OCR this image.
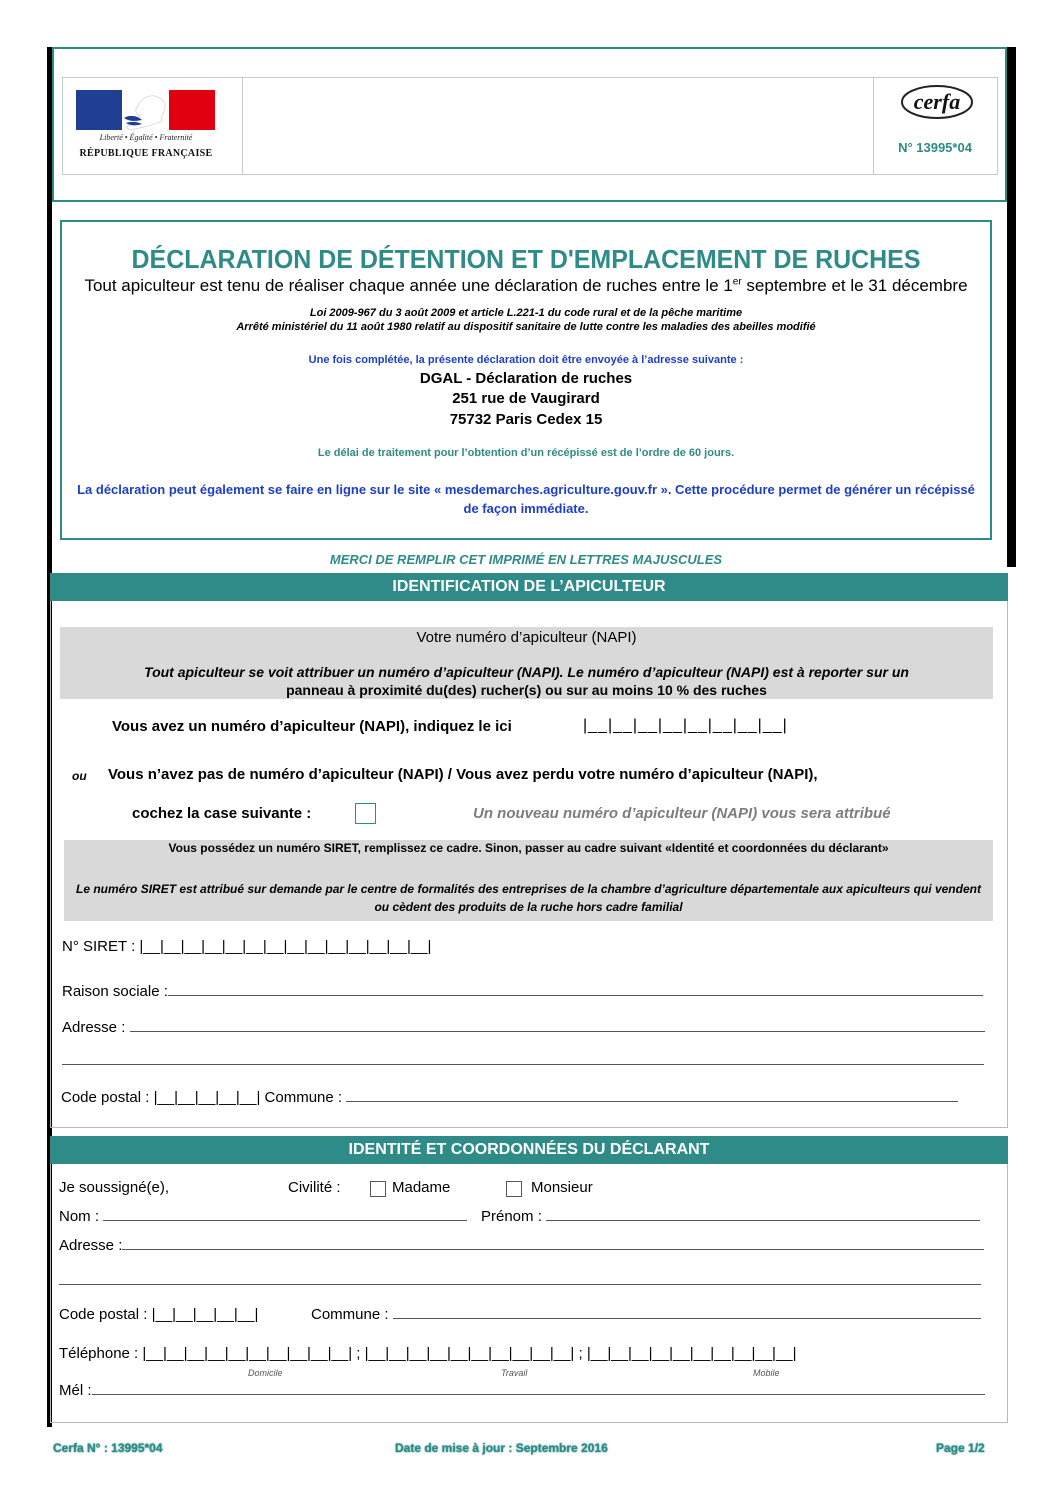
Liberté • Égalité • Fraternité
RÉPUBLIQUE FRANÇAISE
cerfa
N° 13995*04
DÉCLARATION DE DÉTENTION ET D'EMPLACEMENT DE RUCHES
Tout apiculteur est tenu de réaliser chaque année une déclaration de ruches entre le 1er septembre et le 31 décembre
Loi 2009-967 du 3 août 2009 et article L.221-1 du code rural et de la pêche maritime
Arrêté ministériel du 11 août 1980 relatif au dispositif sanitaire de lutte contre les maladies des abeilles modifié
Une fois complétée, la présente déclaration doit être envoyée à l’adresse suivante :
DGAL - Déclaration de ruches
251 rue de Vaugirard
75732 Paris Cedex 15
Le délai de traitement pour l’obtention d’un récépissé est de l’ordre de 60 jours.
La déclaration peut également se faire en ligne sur le site « mesdemarches.agriculture.gouv.fr ». Cette procédure permet de générer un récépissé de façon immédiate.
MERCI DE REMPLIR CET IMPRIMÉ EN LETTRES MAJUSCULES
IDENTIFICATION DE L’APICULTEUR
Votre numéro d’apiculteur (NAPI)
Tout apiculteur se voit attribuer un numéro d’apiculteur (NAPI). Le numéro d’apiculteur (NAPI) est à reporter sur un
panneau à proximité du(des) rucher(s) ou sur au moins 10 % des ruches
Vous avez un numéro d’apiculteur (NAPI), indiquez le ici	|__|__|__|__|__|__|__|__|
ou Vous n’avez pas de numéro d’apiculteur (NAPI) / Vous avez perdu votre numéro d’apiculteur (NAPI),
cochez la case suivante :	Un nouveau numéro d’apiculteur (NAPI) vous sera attribué
Vous possédez un numéro SIRET, remplissez ce cadre. Sinon, passer au cadre suivant «Identité et coordonnées du déclarant»
Le numéro SIRET est attribué sur demande par le centre de formalités des entreprises de la chambre d’agriculture départementale aux apiculteurs qui vendent ou cèdent des produits de la ruche hors cadre familial
N° SIRET : |__|__|__|__|__|__|__|__|__|__|__|__|__|__|
Raison sociale :
Adresse :
Code postal : |__|__|__|__|__| Commune :
IDENTITÉ ET COORDONNÉES DU DÉCLARANT
Je soussigné(e),	Civilité :	Madame	Monsieur
Nom :	Prénom :
Adresse :
Code postal : |__|__|__|__|__|	Commune :
Téléphone : |__|__|__|__|__|__|__|__|__|__| ; |__|__|__|__|__|__|__|__|__|__| ; |__|__|__|__|__|__|__|__|__|__|
Domicile	Travail	Mobile
Mél :
Cerfa N° : 13995*04	Date de mise à jour : Septembre 2016	Page 1/2
